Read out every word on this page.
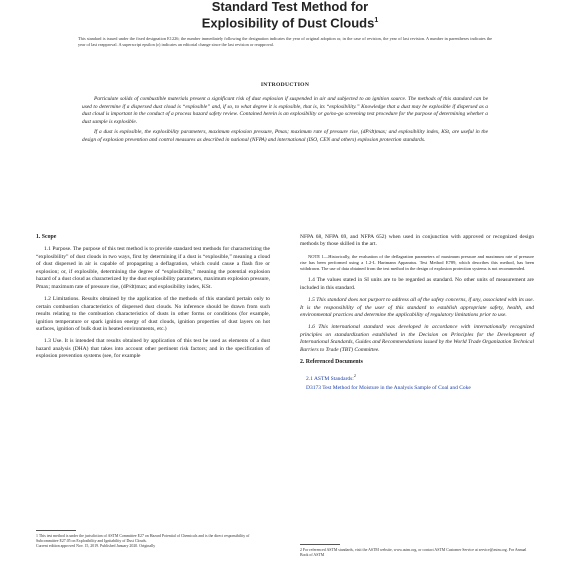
Standard Test Method for
Explosibility of Dust Clouds$^1$
This standard is issued under the fixed designation E1226; the number immediately following the designation indicates the year of original adoption or, in the case of revision, the year of last revision. A number in parentheses indicates the year of last reapproval. A superscript epsilon (ε) indicates an editorial change since the last revision or reapproval.
INTRODUCTION

Particulate solids of combustible materials present a significant risk of dust explosion if suspended in air and subjected to an ignition source. The methods of this standard can be used to determine if a dispersed dust cloud is “explosible” and, if so, to what degree it is explosible, that is, its “explosibility.” Knowledge that a dust may be explosible if dispersed as a dust cloud is important in the conduct of a process hazard safety review. Contained herein is an explosibility or go/no-go screening test procedure for the purpose of determining whether a dust sample is explosible.

If a dust is explosible, the explosibility parameters, maximum explosion pressure, Pmax; maximum rate of pressure rise, (dP/dt)max; and explosibility index, KSt, are useful in the design of explosion prevention and control measures as described in national (NFPA) and international (ISO, CEN and others) explosion protection standards.

1. Scope

1.1 Purpose. The purpose of this test method is to provide standard test methods for characterizing the “explosibility” of dust clouds in two ways, first by determining if a dust is “explosible,” meaning a cloud of dust dispersed in air is capable of propagating a deflagration, which could cause a flash fire or explosion; or, if explosible, determining the degree of “explosibility,” meaning the potential explosion hazard of a dust cloud as characterized by the dust explosibility parameters, maximum explosion pressure, Pmax; maximum rate of pressure rise, (dP/dt)max; and explosibility index, KSt.

1.2 Limitations. Results obtained by the application of the methods of this standard pertain only to certain combustion characteristics of dispersed dust clouds. No inference should be drawn from such results relating to the combustion characteristics of dusts in other forms or conditions (for example, ignition temperature or spark ignition energy of dust clouds, ignition properties of dust layers on hot surfaces, ignition of bulk dust in heated environments, etc.)

1.3 Use. It is intended that results obtained by application of this test be used as elements of a dust hazard analysis (DHA) that takes into account other pertinent risk factors; and in the specification of explosion prevention systems (see, for example

NFPA 68, NFPA 69, and NFPA 652) when used in conjunction with approved or recognized design methods by those skilled in the art.

NOTE 1—Historically, the evaluation of the deflagration parameters of maximum pressure and maximum rate of pressure rise has been performed using a 1.2-L Hartmann Apparatus. Test Method E789, which describes this method, has been withdrawn. The use of data obtained from the test method in the design of explosion protection systems is not recommended.

1.4 The values stated in SI units are to be regarded as standard. No other units of measurement are included in this standard.

1.5 This standard does not purport to address all of the safety concerns, if any, associated with its use. It is the responsibility of the user of this standard to establish appropriate safety, health, and environmental practices and determine the applicability of regulatory limitations prior to use.

1.6 This international standard was developed in accordance with internationally recognized principles on standardization established in the Decision on Principles for the Development of International Standards, Guides and Recommendations issued by the World Trade Organization Technical Barriers to Trade (TBT) Committee.

2. Referenced Documents
2.1 ASTM Standards:$^2$
D3173 Test Method for Moisture in the Analysis Sample of Coal and Coke

1 This test method is under the jurisdiction of ASTM Committee E27 on Hazard Potential of Chemicals and is the direct responsibility of Subcommittee E27.05 on Explosibility and Ignitability of Dust Clouds.

Current edition approved Nov. 15, 2019. Published January 2020. Originally

2 For referenced ASTM standards, visit the ASTM website, www.astm.org, or contact ASTM Customer Service at service@astm.org. For Annual Book of ASTM
